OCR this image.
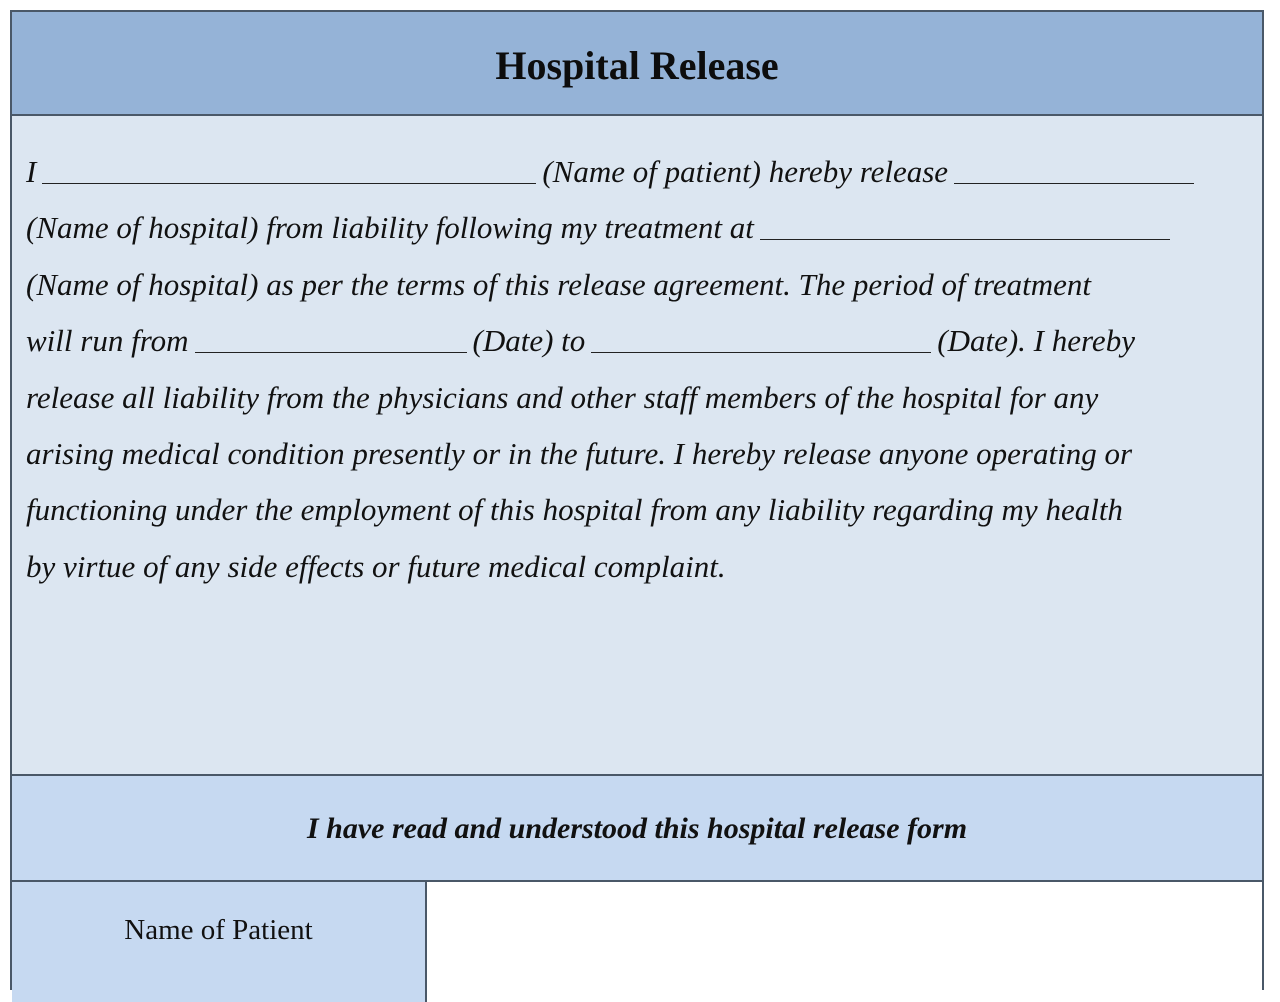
Hospital Release
I	(Name of patient) hereby release
(Name of hospital) from liability following my treatment at
(Name of hospital) as per the terms of this release agreement. The period of treatment
will run from	(Date) to	(Date). I hereby
release all liability from the physicians and other staff members of the hospital for any
arising medical condition presently or in the future. I hereby release anyone operating or
functioning under the employment of this hospital from any liability regarding my health
by virtue of any side effects or future medical complaint.
I have read and understood this hospital release form
Name of Patient
